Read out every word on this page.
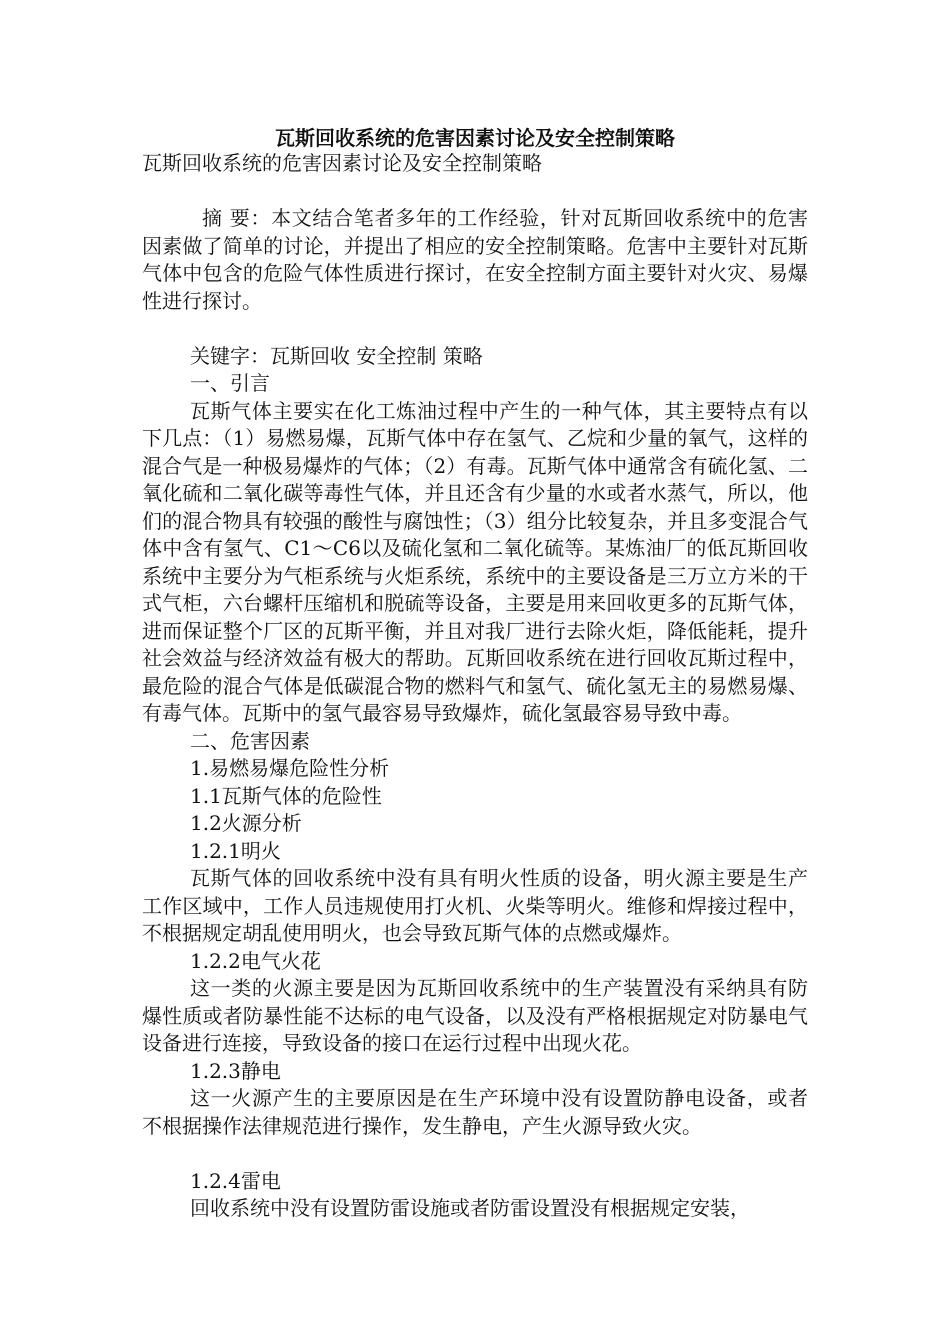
瓦斯回收系统的危害因素讨论及安全控制策略

瓦斯回收系统的危害因素讨论及安全控制策略

摘 要：本文结合笔者多年的工作经验，针对瓦斯回收系统中的危害因素做了简单的讨论，并提出了相应的安全控制策略。危害中主要针对瓦斯气体中包含的危险气体性质进行探讨，在安全控制方面主要针对火灾、易爆性进行探讨。

关键字：瓦斯回收 安全控制 策略

一、引言

瓦斯气体主要实在化工炼油过程中产生的一种气体，其主要特点有以下几点：（1）易燃易爆，瓦斯气体中存在氢气、乙烷和少量的氧气，这样的混合气是一种极易爆炸的气体；（2）有毒。瓦斯气体中通常含有硫化氢、二氧化硫和二氧化碳等毒性气体，并且还含有少量的水或者水蒸气，所以，他们的混合物具有较强的酸性与腐蚀性；（3）组分比较复杂，并且多变混合气体中含有氢气、C1～C6以及硫化氢和二氧化硫等。某炼油厂的低瓦斯回收系统中主要分为气柜系统与火炬系统，系统中的主要设备是三万立方米的干式气柜，六台螺杆压缩机和脱硫等设备，主要是用来回收更多的瓦斯气体，进而保证整个厂区的瓦斯平衡，并且对我厂进行去除火炬，降低能耗，提升社会效益与经济效益有极大的帮助。瓦斯回收系统在进行回收瓦斯过程中，最危险的混合气体是低碳混合物的燃料气和氢气、硫化氢无主的易燃易爆、有毒气体。瓦斯中的氢气最容易导致爆炸，硫化氢最容易导致中毒。

二、危害因素

1.易燃易爆危险性分析

1.1瓦斯气体的危险性

1.2火源分析

1.2.1明火

瓦斯气体的回收系统中没有具有明火性质的设备，明火源主要是生产工作区域中，工作人员违规使用打火机、火柴等明火。维修和焊接过程中，不根据规定胡乱使用明火，也会导致瓦斯气体的点燃或爆炸。

1.2.2电气火花

这一类的火源主要是因为瓦斯回收系统中的生产装置没有采纳具有防爆性质或者防暴性能不达标的电气设备，以及没有严格根据规定对防暴电气设备进行连接，导致设备的接口在运行过程中出现火花。

1.2.3静电

这一火源产生的主要原因是在生产环境中没有设置防静电设备，或者不根据操作法律规范进行操作，发生静电，产生火源导致火灾。

1.2.4雷电

回收系统中没有设置防雷设施或者防雷设置没有根据规定安装，
